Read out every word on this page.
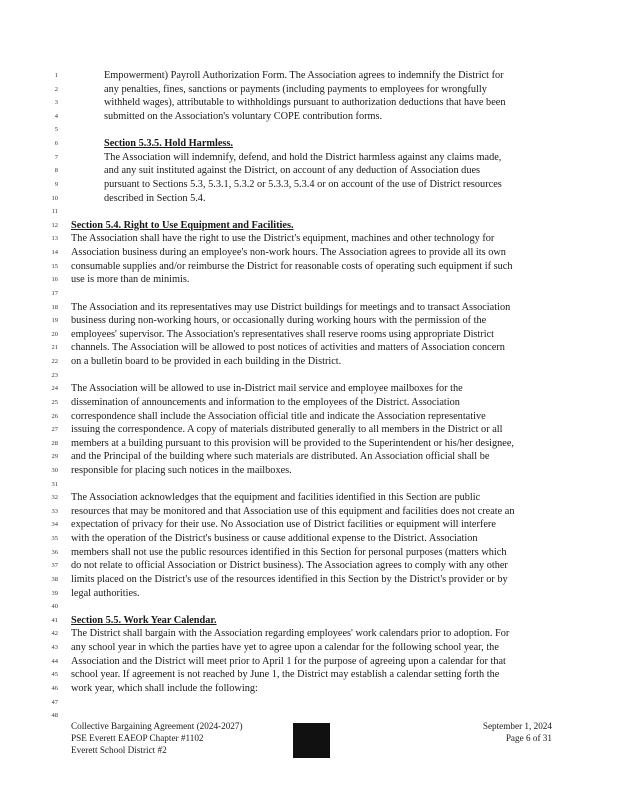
1
2
3
4
5
6
7
8
9
10
11
12
13
14
15
16
17
18
19
20
21
22
23
24
25
26
27
28
29
30
31
32
33
34
35
36
37
38
39
40
41
42
43
44
45
46
47
48
Empowerment) Payroll Authorization Form. The Association agrees to indemnify the District for
any penalties, fines, sanctions or payments (including payments to employees for wrongfully
withheld wages), attributable to withholdings pursuant to authorization deductions that have been
submitted on the Association's voluntary COPE contribution forms.
Section 5.3.5. Hold Harmless.
The Association will indemnify, defend, and hold the District harmless against any claims made,
and any suit instituted against the District, on account of any deduction of Association dues
pursuant to Sections 5.3, 5.3.1, 5.3.2 or 5.3.3, 5.3.4 or on account of the use of District resources
described in Section 5.4.
Section 5.4. Right to Use Equipment and Facilities.
The Association shall have the right to use the District's equipment, machines and other technology for
Association business during an employee's non-work hours. The Association agrees to provide all its own
consumable supplies and/or reimburse the District for reasonable costs of operating such equipment if such
use is more than de minimis.
The Association and its representatives may use District buildings for meetings and to transact Association
business during non-working hours, or occasionally during working hours with the permission of the
employees' supervisor. The Association's representatives shall reserve rooms using appropriate District
channels. The Association will be allowed to post notices of activities and matters of Association concern
on a bulletin board to be provided in each building in the District.
The Association will be allowed to use in-District mail service and employee mailboxes for the
dissemination of announcements and information to the employees of the District. Association
correspondence shall include the Association official title and indicate the Association representative
issuing the correspondence. A copy of materials distributed generally to all members in the District or all
members at a building pursuant to this provision will be provided to the Superintendent or his/her designee,
and the Principal of the building where such materials are distributed. An Association official shall be
responsible for placing such notices in the mailboxes.
The Association acknowledges that the equipment and facilities identified in this Section are public
resources that may be monitored and that Association use of this equipment and facilities does not create an
expectation of privacy for their use. No Association use of District facilities or equipment will interfere
with the operation of the District's business or cause additional expense to the District. Association
members shall not use the public resources identified in this Section for personal purposes (matters which
do not relate to official Association or District business). The Association agrees to comply with any other
limits placed on the District's use of the resources identified in this Section by the District's provider or by
legal authorities.
Section 5.5. Work Year Calendar.
The District shall bargain with the Association regarding employees' work calendars prior to adoption. For
any school year in which the parties have yet to agree upon a calendar for the following school year, the
Association and the District will meet prior to April 1 for the purpose of agreeing upon a calendar for that
school year. If agreement is not reached by June 1, the District may establish a calendar setting forth the
work year, which shall include the following:
Collective Bargaining Agreement (2024-2027)
PSE Everett EAEOP Chapter #1102
Everett School District #2
September 1, 2024
Page 6 of 31
